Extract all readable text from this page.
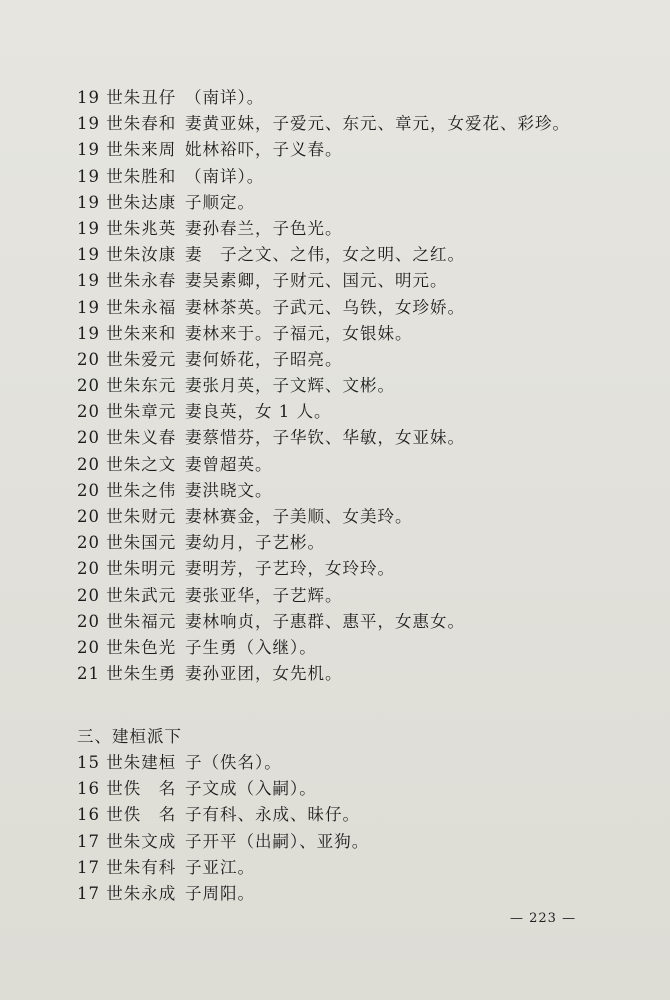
19 世朱丑仔 （南详）。
19 世朱春和 妻黄亚妹，子爱元、东元、章元，女爱花、彩珍。
19 世朱来周 妣林裕吓，子义春。
19 世朱胜和 （南详）。
19 世朱达康 子顺定。
19 世朱兆英 妻孙春兰，子色光。
19 世朱汝康 妻　子之文、之伟，女之明、之红。
19 世朱永春 妻吴素卿，子财元、国元、明元。
19 世朱永福 妻林茶英。子武元、乌铁，女珍娇。
19 世朱来和 妻林来于。子福元，女银妹。
20 世朱爱元 妻何娇花，子昭亮。
20 世朱东元 妻张月英，子文辉、文彬。
20 世朱章元 妻良英，女 1 人。
20 世朱义春 妻蔡惜芬，子华钦、华敏，女亚妹。
20 世朱之文 妻曾超英。
20 世朱之伟 妻洪晓文。
20 世朱财元 妻林赛金，子美顺、女美玲。
20 世朱国元 妻幼月，子艺彬。
20 世朱明元 妻明芳，子艺玲，女玲玲。
20 世朱武元 妻张亚华，子艺辉。
20 世朱福元 妻林响贞，子惠群、惠平，女惠女。
20 世朱色光 子生勇（入继）。
21 世朱生勇 妻孙亚团，女先机。
三、建桓派下
15 世朱建桓 子（佚名）。
16 世佚　名 子文成（入嗣）。
16 世佚　名 子有科、永成、昧仔。
17 世朱文成 子开平（出嗣）、亚狗。
17 世朱有科 子亚江。
17 世朱永成 子周阳。
— 223 —
